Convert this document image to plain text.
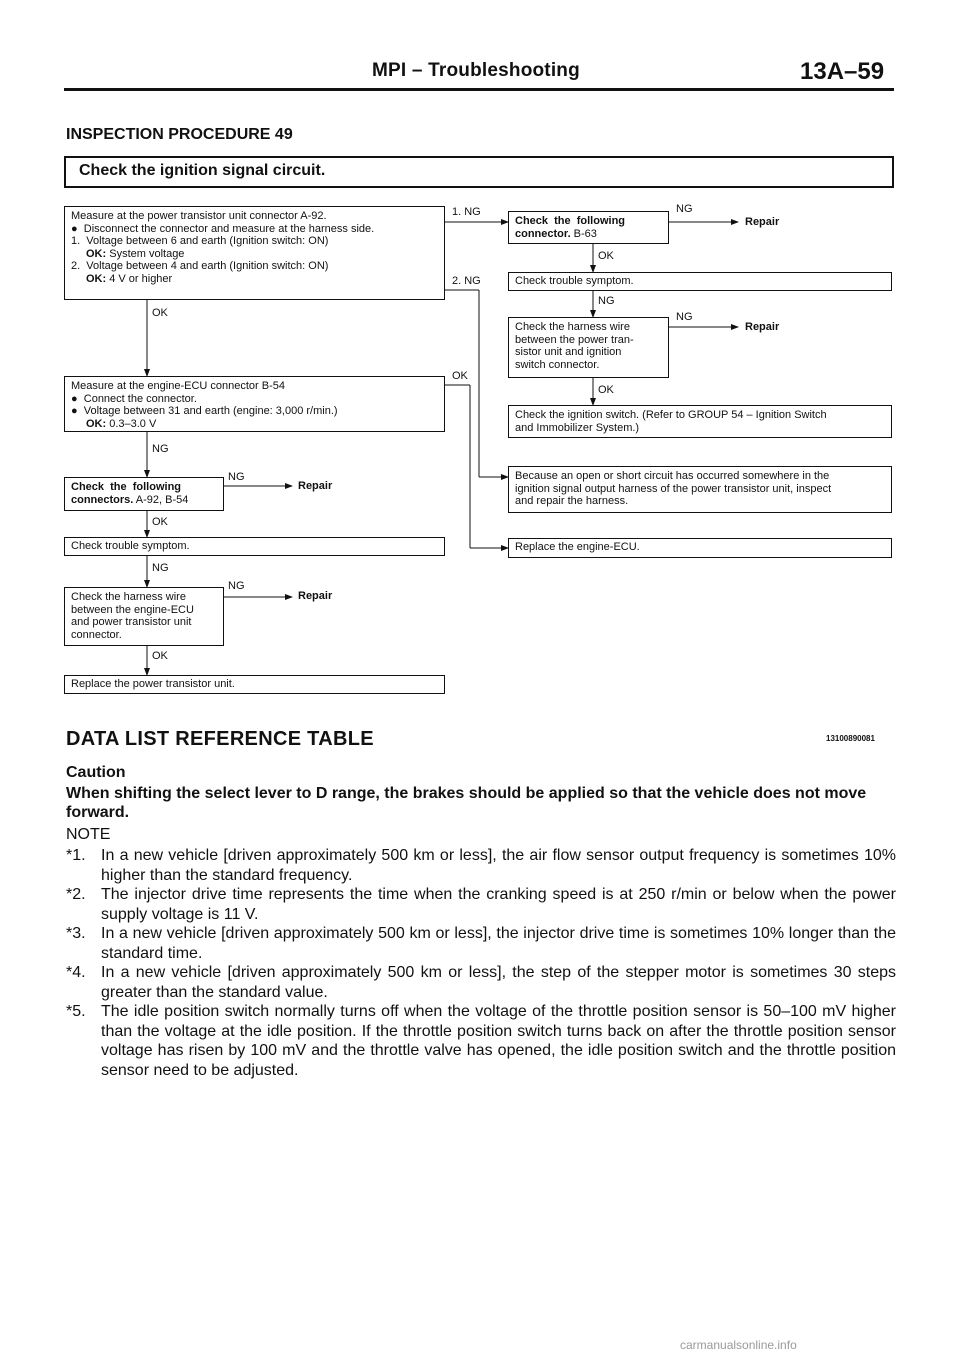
MPI – Troubleshooting	13A–59
INSPECTION PROCEDURE 49
Check the ignition signal circuit.
1. NG
2. NG
OK
OK
NG
NG
Repair
OK
NG
NG
Repair
OK
NG
Repair
OK
NG
NG
Repair
OK
Measure at the power transistor unit connector A-92.
●  Disconnect the connector and measure at the harness side.
1.  Voltage between 6 and earth (Ignition switch: ON)
OK: System voltage
2.  Voltage between 4 and earth (Ignition switch: ON)
OK: 4 V or higher
Measure at the engine-ECU connector B-54
●  Connect the connector.
●  Voltage between 31 and earth (engine: 3,000 r/min.)
OK: 0.3–3.0 V
Check  the  following
connectors. A-92, B-54
Check trouble symptom.
Check the harness wire
between the engine-ECU
and power transistor unit
connector.
Replace the power transistor unit.
Check  the  following
connector. B-63
Check trouble symptom.
Check the harness wire
between the power tran-
sistor unit and ignition
switch connector.
Check the ignition switch. (Refer to GROUP 54 – Ignition Switch
and Immobilizer System.)
Because an open or short circuit has occurred somewhere in the
ignition signal output harness of the power transistor unit, inspect
and repair the harness.
Replace the engine-ECU.
DATA LIST REFERENCE TABLE	13100890081
Caution
When shifting the select lever to D range, the brakes should be applied so that the vehicle does not move forward.
NOTE
*1. In a new vehicle [driven approximately 500 km or less], the air flow sensor output frequency is sometimes 10% higher than the standard frequency.
*2. The injector drive time represents the time when the cranking speed is at 250 r/min or below when the power supply voltage is 11 V.
*3. In a new vehicle [driven approximately 500 km or less], the injector drive time is sometimes 10% longer than the standard time.
*4. In a new vehicle [driven approximately 500 km or less], the step of the stepper motor is sometimes 30 steps greater than the standard value.
*5. The idle position switch normally turns off when the voltage of the throttle position sensor is 50–100 mV higher than the voltage at the idle position. If the throttle position switch turns back on after the throttle position sensor voltage has risen by 100 mV and the throttle valve has opened, the idle position switch and the throttle position sensor need to be adjusted.
carmanualsonline.info
